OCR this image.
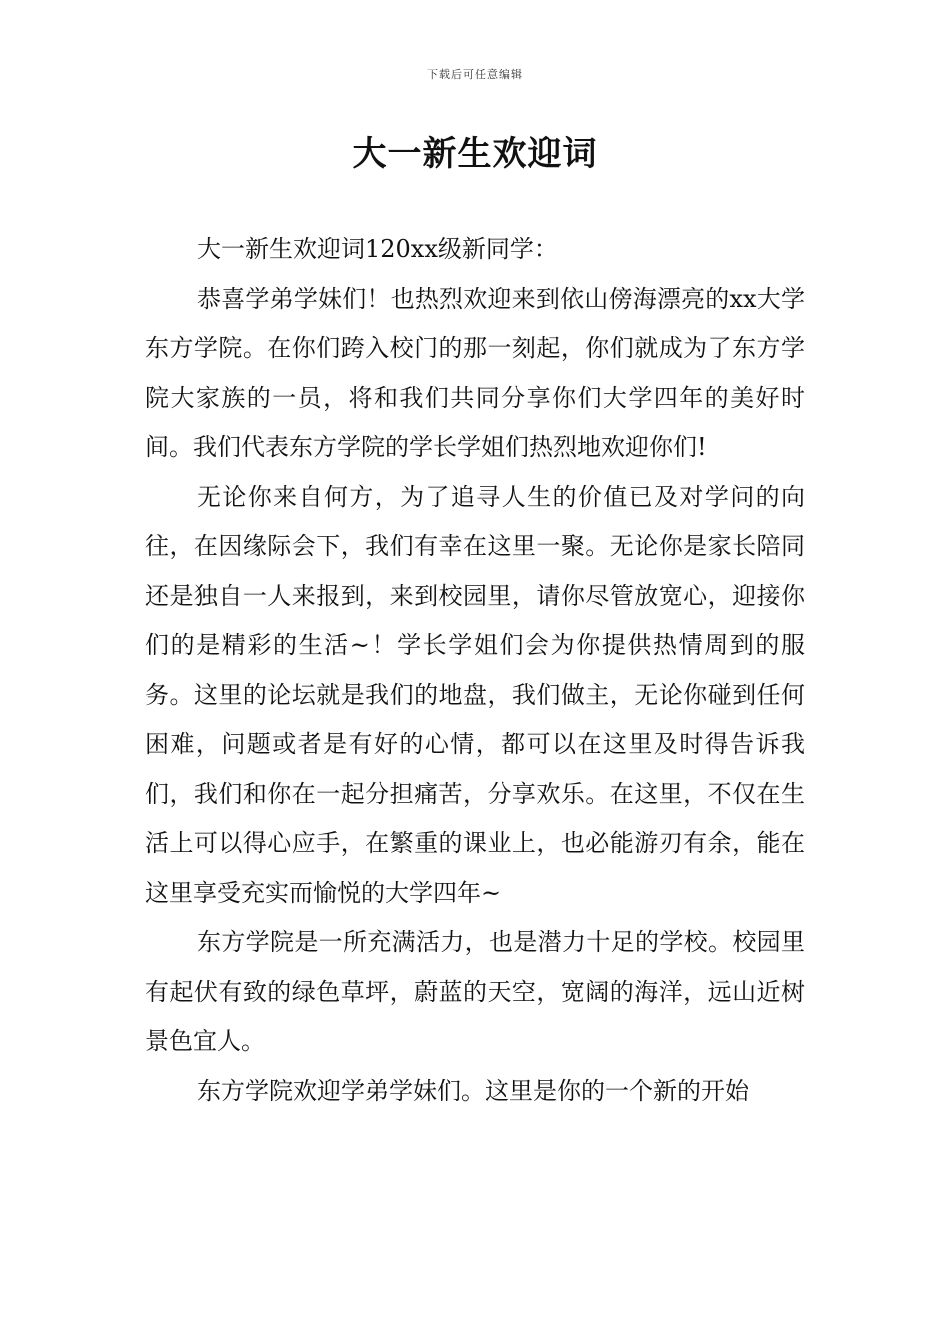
下载后可任意编辑
大一新生欢迎词

大一新生欢迎词120xx级新同学：

恭喜学弟学妹们！也热烈欢迎来到依山傍海漂亮的xx大学东方学院。在你们跨入校门的那一刻起，你们就成为了东方学院大家族的一员，将和我们共同分享你们大学四年的美好时间。我们代表东方学院的学长学姐们热烈地欢迎你们!

无论你来自何方，为了追寻人生的价值已及对学问的向往，在因缘际会下，我们有幸在这里一聚。无论你是家长陪同还是独自一人来报到，来到校园里，请你尽管放宽心，迎接你们的是精彩的生活~！学长学姐们会为你提供热情周到的服务。这里的论坛就是我们的地盘，我们做主，无论你碰到任何困难，问题或者是有好的心情，都可以在这里及时得告诉我们，我们和你在一起分担痛苦，分享欢乐。在这里，不仅在生活上可以得心应手，在繁重的课业上，也必能游刃有余，能在这里享受充实而愉悦的大学四年~

东方学院是一所充满活力，也是潜力十足的学校。校园里有起伏有致的绿色草坪，蔚蓝的天空，宽阔的海洋，远山近树景色宜人。

东方学院欢迎学弟学妹们。这里是你的一个新的开始
